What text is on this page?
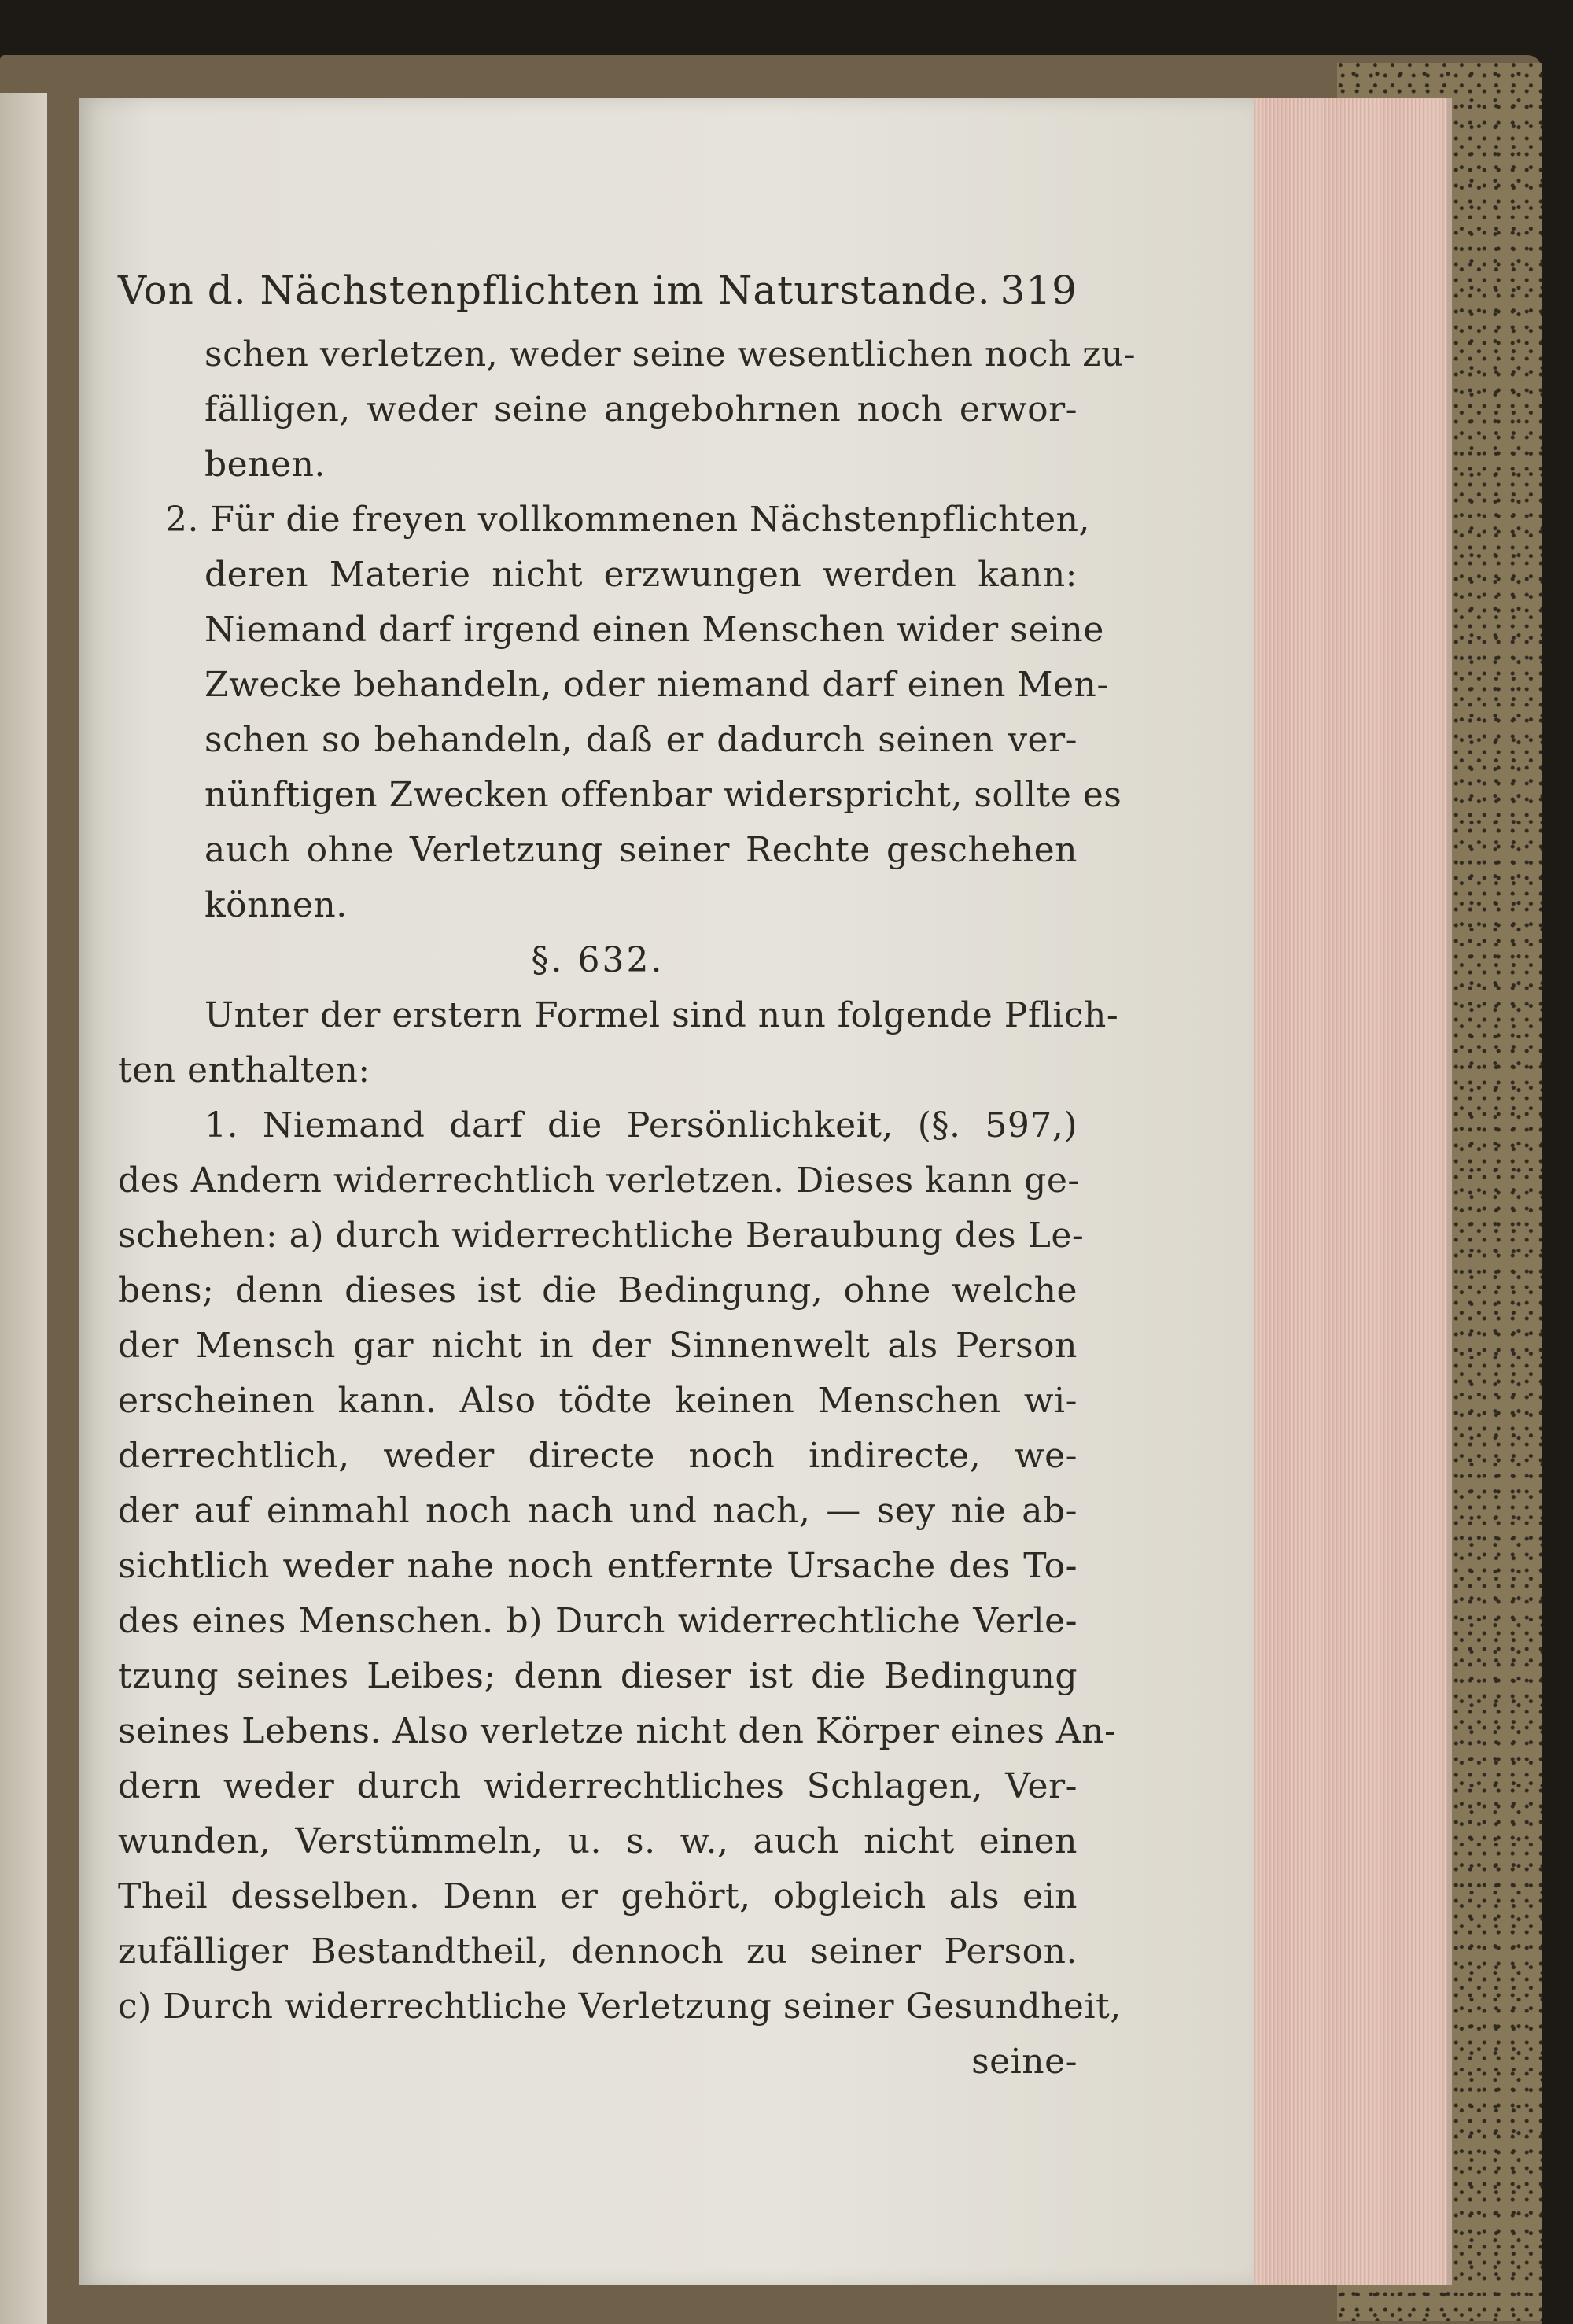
Von d. Nächstenpflichten im Naturstande. 319
schen verletzen, weder seine wesentlichen noch zu-
fälligen, weder seine angebohrnen noch erwor-
benen.
2. Für die freyen vollkommenen Nächstenpflichten,
deren Materie nicht erzwungen werden kann:
Niemand darf irgend einen Menschen wider seine
Zwecke behandeln, oder niemand darf einen Men-
schen so behandeln, daß er dadurch seinen ver-
nünftigen Zwecken offenbar widerspricht, sollte es
auch ohne Verletzung seiner Rechte geschehen
können.
§. 632.
Unter der erstern Formel sind nun folgende Pflich-
ten enthalten:
1. Niemand darf die Persönlichkeit, (§. 597,)
des Andern widerrechtlich verletzen. Dieses kann ge-
schehen: a) durch widerrechtliche Beraubung des Le-
bens; denn dieses ist die Bedingung, ohne welche
der Mensch gar nicht in der Sinnenwelt als Person
erscheinen kann. Also tödte keinen Menschen wi-
derrechtlich, weder directe noch indirecte, we-
der auf einmahl noch nach und nach, — sey nie ab-
sichtlich weder nahe noch entfernte Ursache des To-
des eines Menschen. b) Durch widerrechtliche Verle-
tzung seines Leibes; denn dieser ist die Bedingung
seines Lebens. Also verletze nicht den Körper eines An-
dern weder durch widerrechtliches Schlagen, Ver-
wunden, Verstümmeln, u. s. w., auch nicht einen
Theil desselben. Denn er gehört, obgleich als ein
zufälliger Bestandtheil, dennoch zu seiner Person.
c) Durch widerrechtliche Verletzung seiner Gesundheit,
seine-
